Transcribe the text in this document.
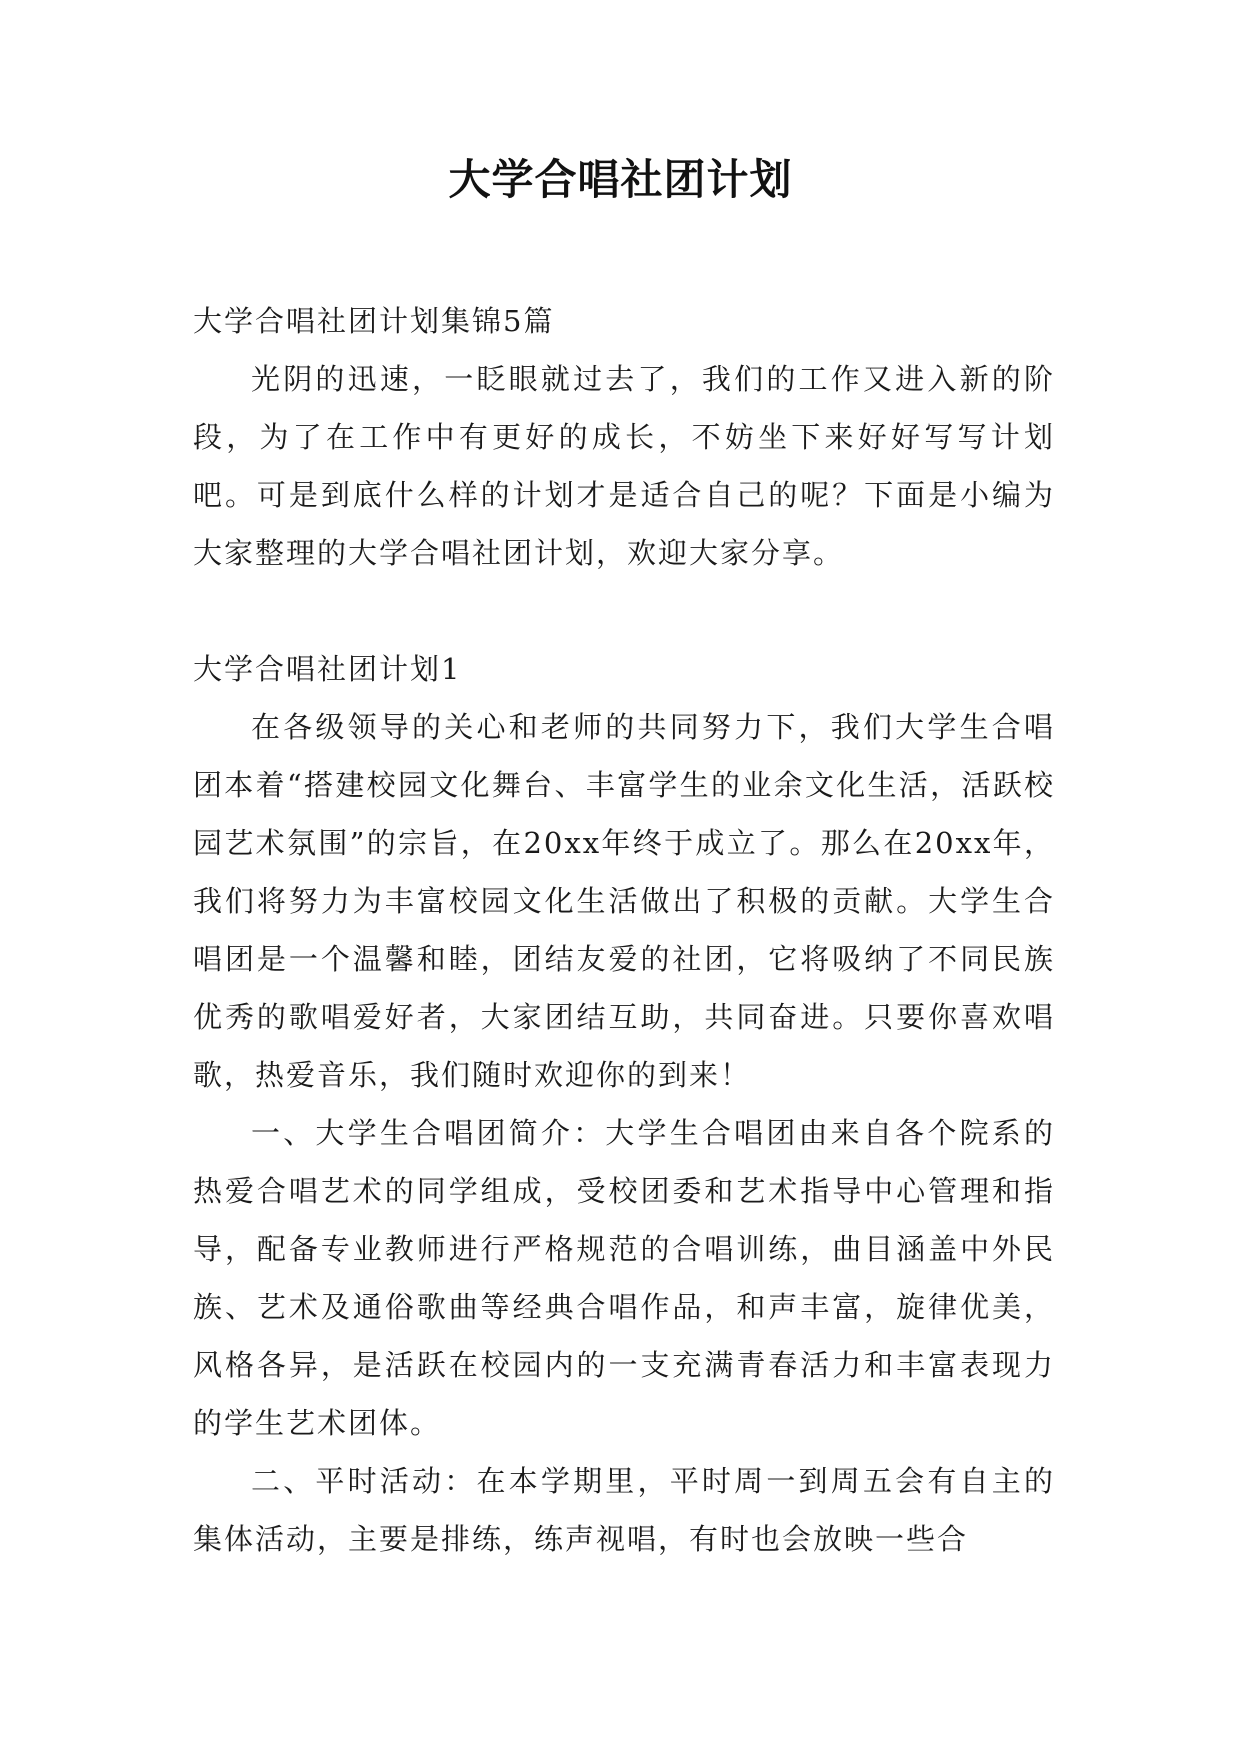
大学合唱社团计划

大学合唱社团计划集锦5篇

光阴的迅速，一眨眼就过去了，我们的工作又进入新的阶段，为了在工作中有更好的成长，不妨坐下来好好写写计划吧。可是到底什么样的计划才是适合自己的呢？下面是小编为大家整理的大学合唱社团计划，欢迎大家分享。

大学合唱社团计划1

在各级领导的关心和老师的共同努力下，我们大学生合唱团本着“搭建校园文化舞台、丰富学生的业余文化生活，活跃校园艺术氛围”的宗旨，在20xx年终于成立了。那么在20xx年，我们将努力为丰富校园文化生活做出了积极的贡献。大学生合唱团是一个温馨和睦，团结友爱的社团，它将吸纳了不同民族优秀的歌唱爱好者，大家团结互助，共同奋进。只要你喜欢唱歌，热爱音乐，我们随时欢迎你的到来！

一、大学生合唱团简介：大学生合唱团由来自各个院系的热爱合唱艺术的同学组成，受校团委和艺术指导中心管理和指导，配备专业教师进行严格规范的合唱训练，曲目涵盖中外民族、艺术及通俗歌曲等经典合唱作品，和声丰富，旋律优美，风格各异，是活跃在校园内的一支充满青春活力和丰富表现力的学生艺术团体。

二、平时活动：在本学期里，平时周一到周五会有自主的集体活动，主要是排练，练声视唱，有时也会放映一些合
